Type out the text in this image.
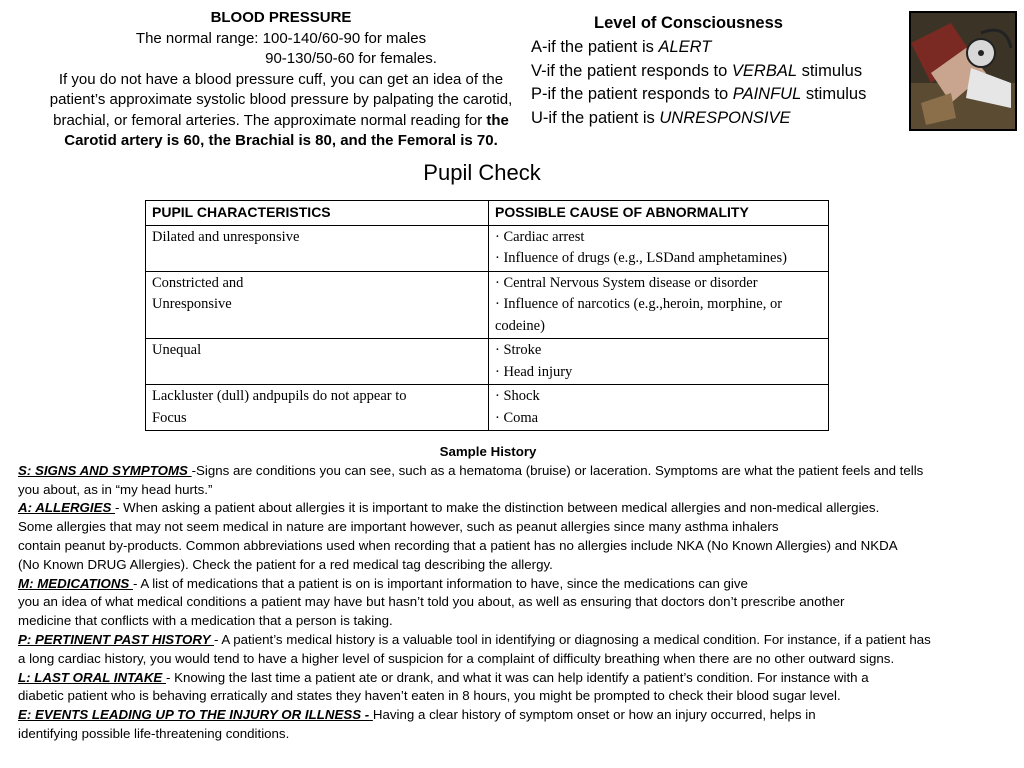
BLOOD PRESSURE
The normal range: 100-140/60-90 for males
90-130/50-60 for females.
If you do not have a blood pressure cuff, you can get an idea of the
patient’s approximate systolic blood pressure by palpating the carotid,
brachial, or femoral arteries. The approximate normal reading for the
Carotid artery is 60, the Brachial is 80, and the Femoral is 70.
Level of Consciousness
A-if the patient is ALERT
V-if the patient responds to VERBAL stimulus
P-if the patient responds to PAINFUL stimulus
U-if the patient is UNRESPONSIVE
Pupil Check
PUPIL CHARACTERISTICS	POSSIBLE CAUSE OF ABNORMALITY

Dilated and unresponsive	· Cardiac arrest
· Influence of drugs (e.g., LSDand amphetamines)

Constricted and
Unresponsive	· Central Nervous System disease or disorder
· Influence of narcotics (e.g.,heroin, morphine, or
codeine)

Unequal	· Stroke
· Head injury

Lackluster (dull) andpupils do not appear to
Focus	· Shock
· Coma
Sample History

S: SIGNS AND SYMPTOMS -Signs are conditions you can see, such as a hematoma (bruise) or laceration. Symptoms are what the patient feels and tells

you about, as in “my head hurts.”

A: ALLERGIES - When asking a patient about allergies it is important to make the distinction between medical allergies and non-medical allergies.

Some allergies that may not seem medical in nature are important however, such as peanut allergies since many asthma inhalers

contain peanut by-products. Common abbreviations used when recording that a patient has no allergies include NKA (No Known Allergies) and NKDA

(No Known DRUG Allergies). Check the patient for a red medical tag describing the allergy.

M: MEDICATIONS - A list of medications that a patient is on is important information to have, since the medications can give

you an idea of what medical conditions a patient may have but hasn’t told you about, as well as ensuring that doctors don’t prescribe another

medicine that conflicts with a medication that a person is taking.

P: PERTINENT PAST HISTORY - A patient’s medical history is a valuable tool in identifying or diagnosing a medical condition. For instance, if a patient has

a long cardiac history, you would tend to have a higher level of suspicion for a complaint of difficulty breathing when there are no other outward signs.

L: LAST ORAL INTAKE - Knowing the last time a patient ate or drank, and what it was can help identify a patient’s condition. For instance with a

diabetic patient who is behaving erratically and states they haven’t eaten in 8 hours, you might be prompted to check their blood sugar level.

E: EVENTS LEADING UP TO THE INJURY OR ILLNESS - Having a clear history of symptom onset or how an injury occurred, helps in

identifying possible life-threatening conditions.
